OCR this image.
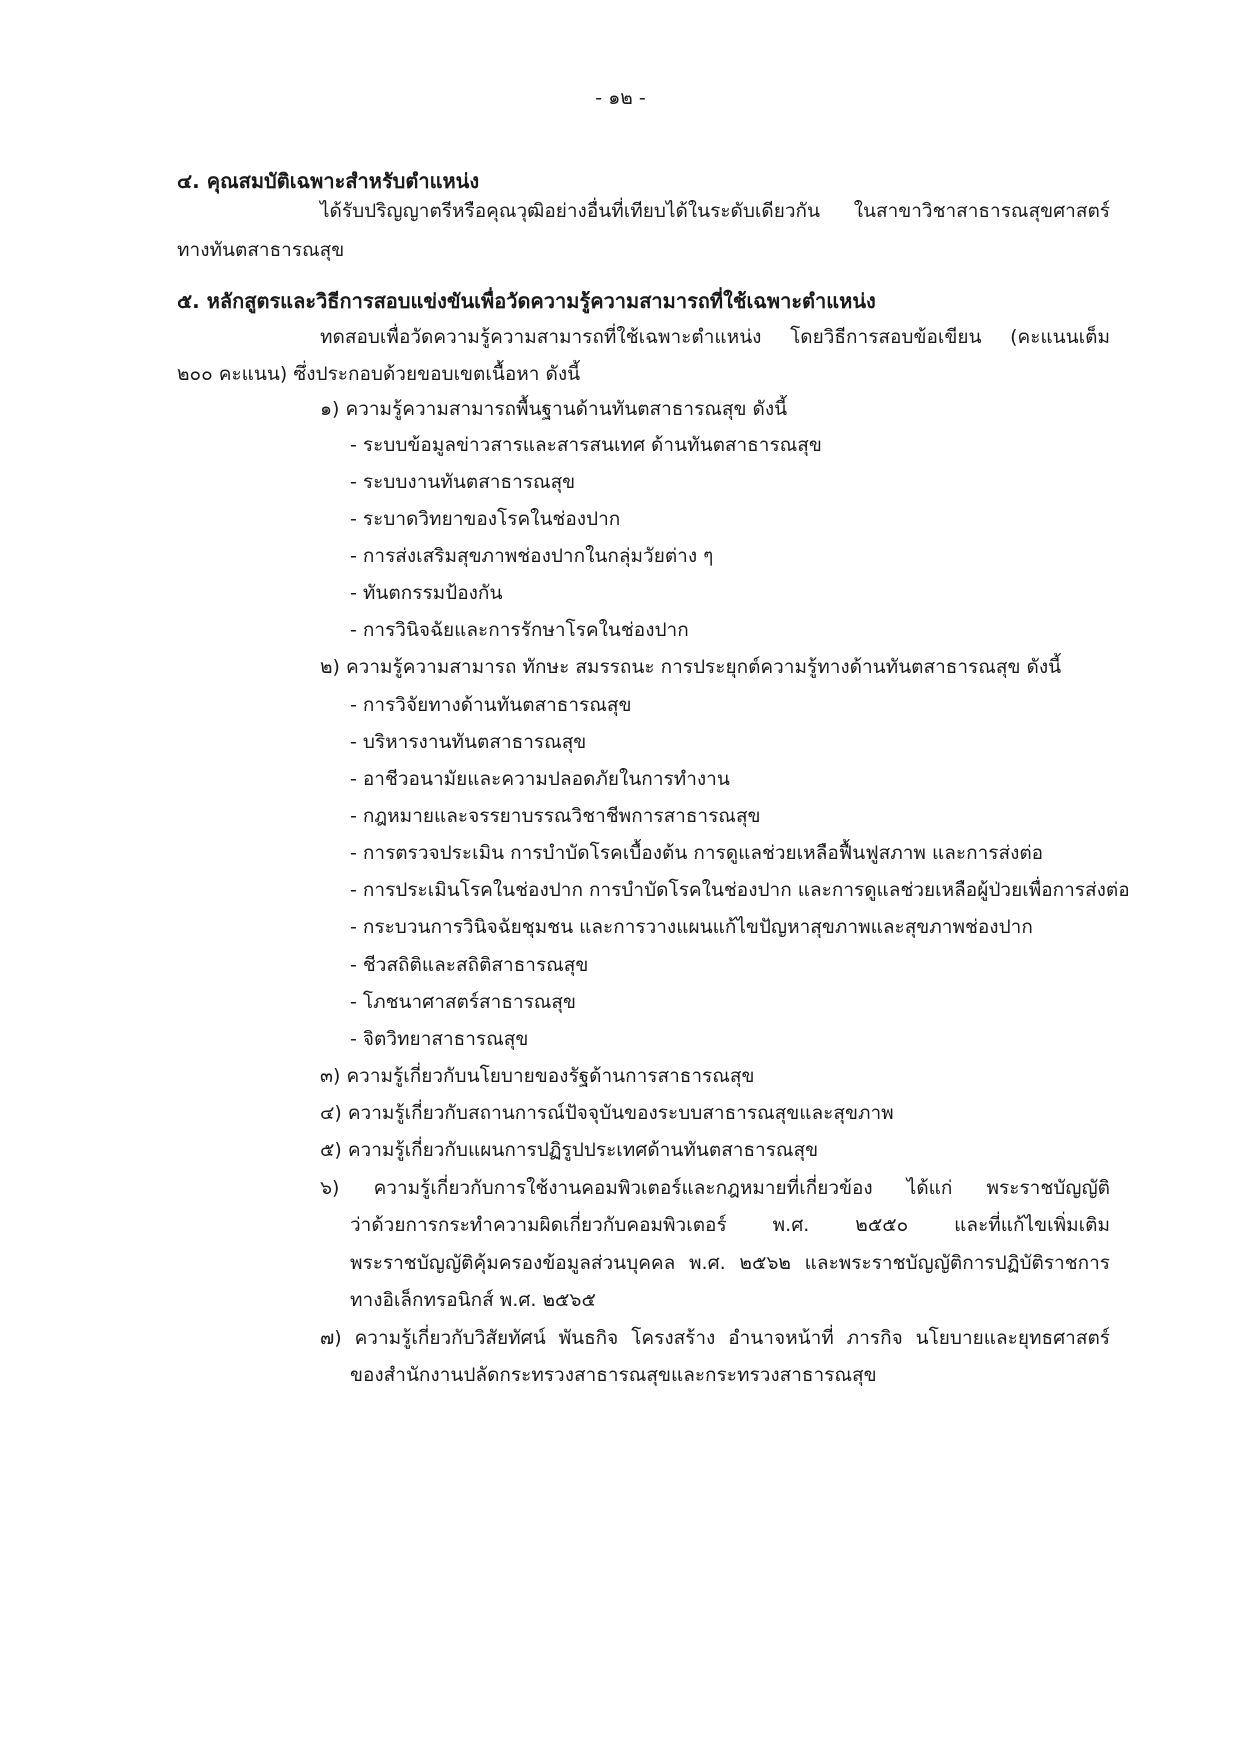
- ๑๒ -

๔. คุณสมบัติเฉพาะสำหรับตำแหน่ง

ได้รับปริญญาตรีหรือคุณวุฒิอย่างอื่นที่เทียบได้ในระดับเดียวกัน ในสาขาวิชาสาธารณสุขศาสตร์

ทางทันตสาธารณสุข

๕. หลักสูตรและวิธีการสอบแข่งขันเพื่อวัดความรู้ความสามารถที่ใช้เฉพาะตำแหน่ง

ทดสอบเพื่อวัดความรู้ความสามารถที่ใช้เฉพาะตำแหน่ง โดยวิธีการสอบข้อเขียน (คะแนนเต็ม

๒๐๐ คะแนน) ซึ่งประกอบด้วยขอบเขตเนื้อหา ดังนี้

๑) ความรู้ความสามารถพื้นฐานด้านทันตสาธารณสุข ดังนี้

- ระบบข้อมูลข่าวสารและสารสนเทศ ด้านทันตสาธารณสุข

- ระบบงานทันตสาธารณสุข

- ระบาดวิทยาของโรคในช่องปาก

- การส่งเสริมสุขภาพช่องปากในกลุ่มวัยต่าง ๆ

- ทันตกรรมป้องกัน

- การวินิจฉัยและการรักษาโรคในช่องปาก

๒) ความรู้ความสามารถ ทักษะ สมรรถนะ การประยุกต์ความรู้ทางด้านทันตสาธารณสุข ดังนี้

- การวิจัยทางด้านทันตสาธารณสุข

- บริหารงานทันตสาธารณสุข

- อาชีวอนามัยและความปลอดภัยในการทำงาน

- กฎหมายและจรรยาบรรณวิชาชีพการสาธารณสุข

- การตรวจประเมิน การบำบัดโรคเบื้องต้น การดูแลช่วยเหลือฟื้นฟูสภาพ และการส่งต่อ

- การประเมินโรคในช่องปาก การบำบัดโรคในช่องปาก และการดูแลช่วยเหลือผู้ป่วยเพื่อการส่งต่อ

- กระบวนการวินิจฉัยชุมชน และการวางแผนแก้ไขปัญหาสุขภาพและสุขภาพช่องปาก

- ชีวสถิติและสถิติสาธารณสุข

- โภชนาศาสตร์สาธารณสุข

- จิตวิทยาสาธารณสุข

๓) ความรู้เกี่ยวกับนโยบายของรัฐด้านการสาธารณสุข

๔) ความรู้เกี่ยวกับสถานการณ์ปัจจุบันของระบบสาธารณสุขและสุขภาพ

๕) ความรู้เกี่ยวกับแผนการปฏิรูปประเทศด้านทันตสาธารณสุข

๖) ความรู้เกี่ยวกับการใช้งานคอมพิวเตอร์และกฎหมายที่เกี่ยวข้อง ได้แก่ พระราชบัญญัติ

ว่าด้วยการกระทำความผิดเกี่ยวกับคอมพิวเตอร์ พ.ศ. ๒๕๕๐ และที่แก้ไขเพิ่มเติม

พระราชบัญญัติคุ้มครองข้อมูลส่วนบุคคล พ.ศ. ๒๕๖๒ และพระราชบัญญัติการปฏิบัติราชการ

ทางอิเล็กทรอนิกส์ พ.ศ. ๒๕๖๕

๗) ความรู้เกี่ยวกับวิสัยทัศน์ พันธกิจ โครงสร้าง อำนาจหน้าที่ ภารกิจ นโยบายและยุทธศาสตร์

ของสำนักงานปลัดกระทรวงสาธารณสุขและกระทรวงสาธารณสุข
